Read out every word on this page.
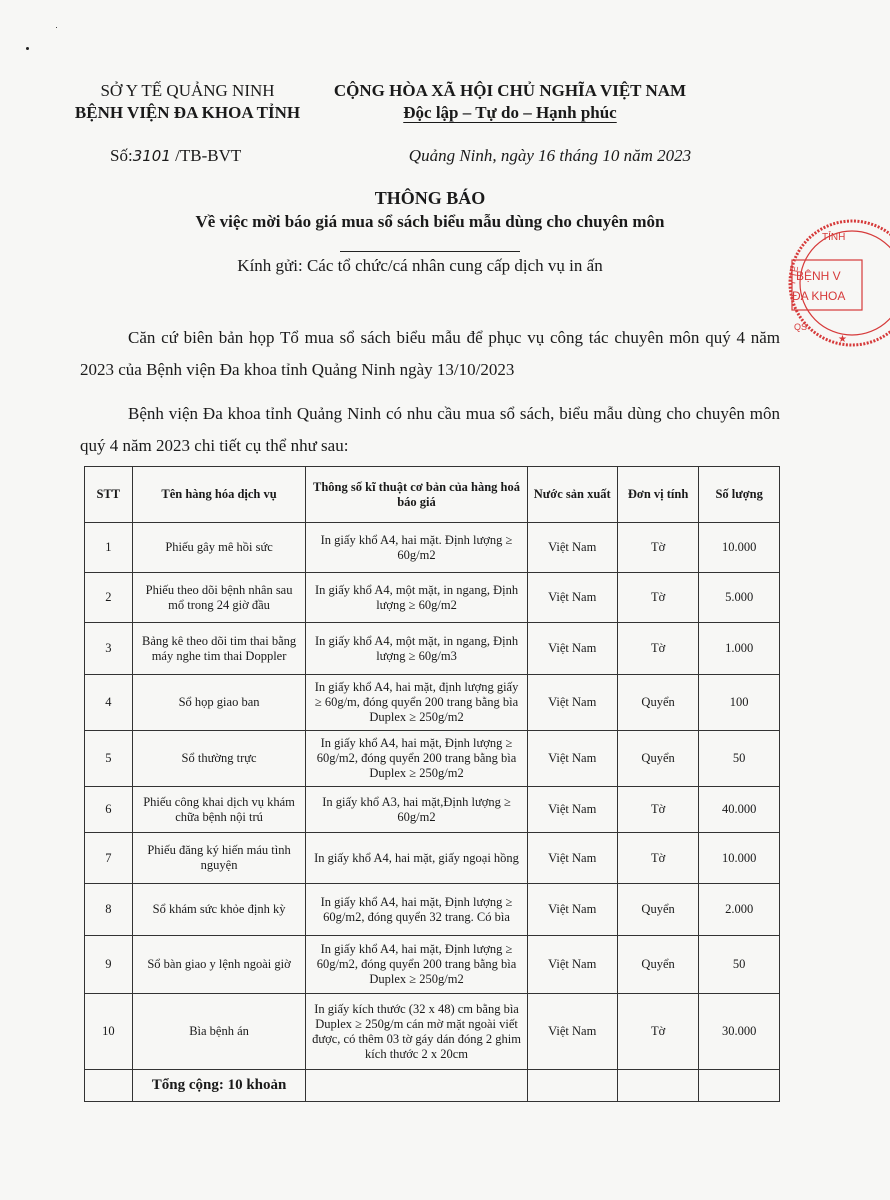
SỞ Y TẾ QUẢNG NINH
BỆNH VIỆN ĐA KHOA TỈNH
CỘNG HÒA XÃ HỘI CHỦ NGHĨA VIỆT NAM
Độc lập – Tự do – Hạnh phúc
Số:3101 /TB-BVT	Quảng Ninh, ngày 16 tháng 10 năm 2023
THÔNG BÁO
Về việc mời báo giá mua sổ sách biểu mẫu dùng cho chuyên môn
Kính gửi: Các tổ chức/cá nhân cung cấp dịch vụ in ấn
Căn cứ biên bản họp Tổ mua sổ sách biểu mẫu để phục vụ công tác chuyên môn quý 4 năm 2023 của Bệnh viện Đa khoa tỉnh Quảng Ninh ngày 13/10/2023
Bệnh viện Đa khoa tỉnh Quảng Ninh có nhu cầu mua sổ sách, biểu mẫu dùng cho chuyên môn quý 4 năm 2023 chi tiết cụ thể như sau:
STT	Tên hàng hóa dịch vụ	Thông số kĩ thuật cơ bản của hàng hoá báo giá	Nước sản xuất	Đơn vị tính	Số lượng
1	Phiếu gây mê hồi sức	In giấy khổ A4, hai mặt. Định lượng ≥ 60g/m2	Việt Nam	Tờ	10.000
2	Phiếu theo dõi bệnh nhân sau mổ trong 24 giờ đầu	In giấy khổ A4, một mặt, in ngang, Định lượng ≥ 60g/m2	Việt Nam	Tờ	5.000
3	Bảng kê theo dõi tim thai bằng máy nghe tim thai Doppler	In giấy khổ A4, một mặt, in ngang, Định lượng ≥ 60g/m3	Việt Nam	Tờ	1.000
4	Sổ họp giao ban	In giấy khổ A4, hai mặt, định lượng giấy ≥ 60g/m, đóng quyển 200 trang bằng bìa Duplex ≥ 250g/m2	Việt Nam	Quyển	100
5	Sổ thường trực	In giấy khổ A4, hai mặt, Định lượng ≥ 60g/m2, đóng quyển 200 trang bằng bìa Duplex ≥ 250g/m2	Việt Nam	Quyển	50
6	Phiếu công khai dịch vụ khám chữa bệnh nội trú	In giấy khổ A3, hai mặt,Định lượng ≥ 60g/m2	Việt Nam	Tờ	40.000
7	Phiếu đăng ký hiến máu tình nguyện	In giấy khổ A4, hai mặt, giấy ngoại hồng	Việt Nam	Tờ	10.000
8	Sổ khám sức khỏe định kỳ	In giấy khổ A4, hai mặt, Định lượng ≥ 60g/m2, đóng quyển 32 trang. Có bìa	Việt Nam	Quyển	2.000
9	Sổ bàn giao y lệnh ngoài giờ	In giấy khổ A4, hai mặt, Định lượng ≥ 60g/m2, đóng quyển 200 trang bằng bìa Duplex ≥ 250g/m2	Việt Nam	Quyển	50
10	Bìa bệnh án	In giấy kích thước (32 x 48) cm bằng bìa Duplex ≥ 250g/m cán mờ mặt ngoài viết được, có thêm 03 tờ gáy dán đóng 2 ghim kích thước 2 x 20cm	Việt Nam	Tờ	30.000
	Tổng cộng: 10 khoản				
TỈNH
BỆNH V
ĐA KHOA
Y TẾ
QS
★
